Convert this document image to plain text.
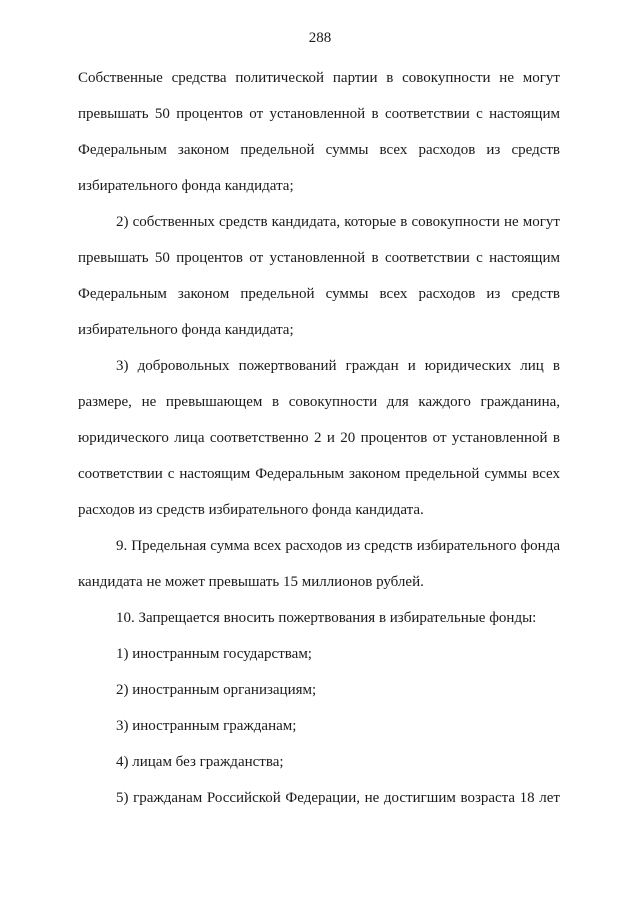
288
Собственные средства политической партии в совокупности не могут
превышать 50 процентов от установленной в соответствии с настоящим
Федеральным законом предельной суммы всех расходов из средств
избирательного фонда кандидата;
2) собственных средств кандидата, которые в совокупности не могут
превышать 50 процентов от установленной в соответствии с настоящим
Федеральным законом предельной суммы всех расходов из средств
избирательного фонда кандидата;
3) добровольных пожертвований граждан и юридических лиц в
размере, не превышающем в совокупности для каждого гражданина,
юридического лица соответственно 2 и 20 процентов от установленной в
соответствии с настоящим Федеральным законом предельной суммы всех
расходов из средств избирательного фонда кандидата.
9. Предельная сумма всех расходов из средств избирательного фонда
кандидата не может превышать 15 миллионов рублей.
10. Запрещается вносить пожертвования в избирательные фонды:
1) иностранным государствам;
2) иностранным организациям;
3) иностранным гражданам;
4) лицам без гражданства;
5) гражданам Российской Федерации, не достигшим возраста 18 лет
